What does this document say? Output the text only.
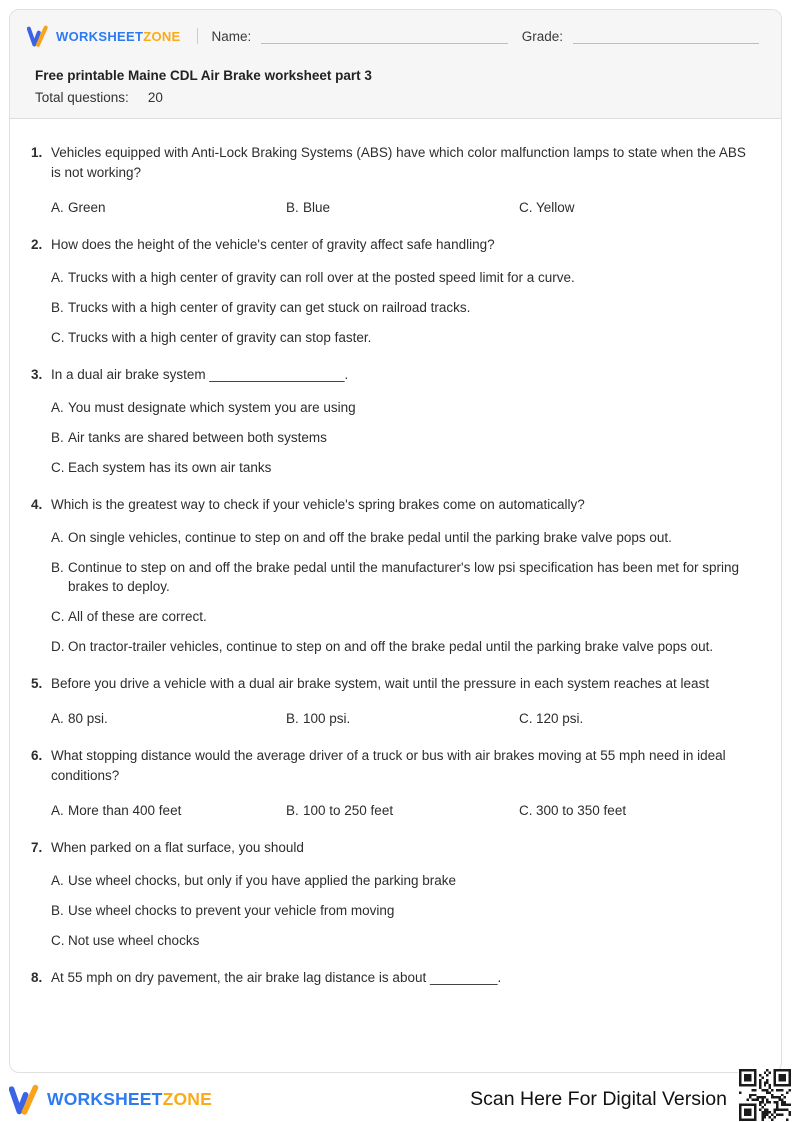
WORKSHEETZONE Name:	Grade:
Free printable Maine CDL Air Brake worksheet part 3
Total questions: 20
1. Vehicles equipped with Anti-Lock Braking Systems (ABS) have which color malfunction lamps to state when the ABS is not working?
A. Green	B. Blue	C. Yellow
2. How does the height of the vehicle's center of gravity affect safe handling?
A. Trucks with a high center of gravity can roll over at the posted speed limit for a curve.
B. Trucks with a high center of gravity can get stuck on railroad tracks.
C. Trucks with a high center of gravity can stop faster.
3. In a dual air brake system __________________.
A. You must designate which system you are using
B. Air tanks are shared between both systems
C. Each system has its own air tanks
4. Which is the greatest way to check if your vehicle's spring brakes come on automatically?
A. On single vehicles, continue to step on and off the brake pedal until the parking brake valve pops out.
B. Continue to step on and off the brake pedal until the manufacturer's low psi specification has been met for spring brakes to deploy.
C. All of these are correct.
D. On tractor-trailer vehicles, continue to step on and off the brake pedal until the parking brake valve pops out.
5. Before you drive a vehicle with a dual air brake system, wait until the pressure in each system reaches at least
A. 80 psi.	B. 100 psi.	C. 120 psi.
6. What stopping distance would the average driver of a truck or bus with air brakes moving at 55 mph need in ideal conditions?
A. More than 400 feet	B. 100 to 250 feet	C. 300 to 350 feet
7. When parked on a flat surface, you should
A. Use wheel chocks, but only if you have applied the parking brake
B. Use wheel chocks to prevent your vehicle from moving
C. Not use wheel chocks
8. At 55 mph on dry pavement, the air brake lag distance is about _________.
WORKSHEETZONE	Scan Here For Digital Version
